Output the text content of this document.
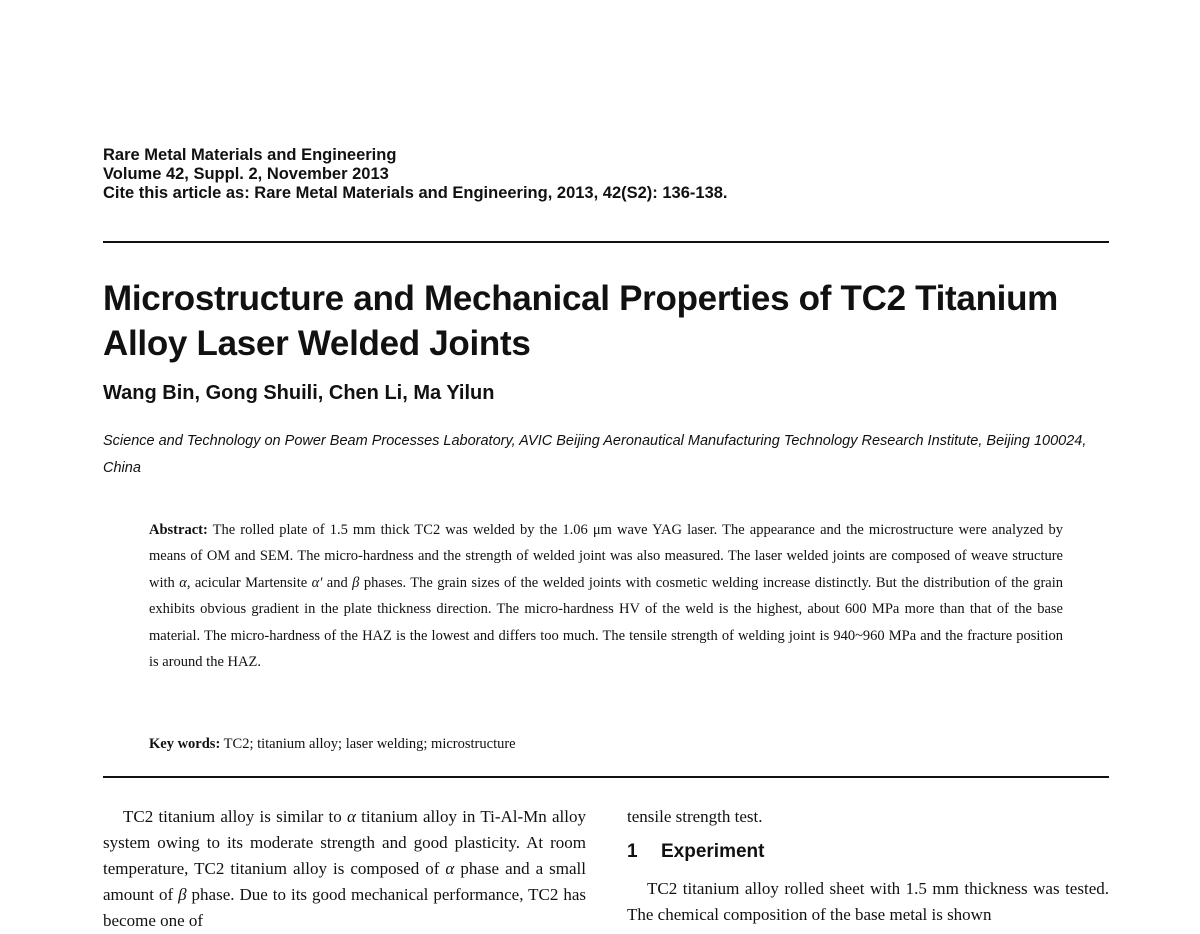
Rare Metal Materials and Engineering
Volume 42, Suppl. 2, November 2013
Cite this article as: Rare Metal Materials and Engineering, 2013, 42(S2): 136-138.
Microstructure and Mechanical Properties of TC2 Titanium Alloy Laser Welded Joints
Wang Bin, Gong Shuili, Chen Li, Ma Yilun
Science and Technology on Power Beam Processes Laboratory, AVIC Beijing Aeronautical Manufacturing Technology Research Institute, Beijing 100024, China
Abstract: The rolled plate of 1.5 mm thick TC2 was welded by the 1.06 μm wave YAG laser. The appearance and the microstructure were analyzed by means of OM and SEM. The micro-hardness and the strength of welded joint was also measured. The laser welded joints are composed of weave structure with α, acicular Martensite α′ and β phases. The grain sizes of the welded joints with cosmetic welding increase distinctly. But the distribution of the grain exhibits obvious gradient in the plate thickness direction. The micro-hardness HV of the weld is the highest, about 600 MPa more than that of the base material. The micro-hardness of the HAZ is the lowest and differs too much. The tensile strength of welding joint is 940~960 MPa and the fracture position is around the HAZ.
Key words: TC2; titanium alloy; laser welding; microstructure

TC2 titanium alloy is similar to α titanium alloy in Ti-Al-Mn alloy system owing to its moderate strength and good plasticity. At room temperature, TC2 titanium alloy is composed of α phase and a small amount of β phase. Due to its good mechanical performance, TC2 has become one of

tensile strength test.

1 Experiment

TC2 titanium alloy rolled sheet with 1.5 mm thickness was tested. The chemical composition of the base metal is shown
